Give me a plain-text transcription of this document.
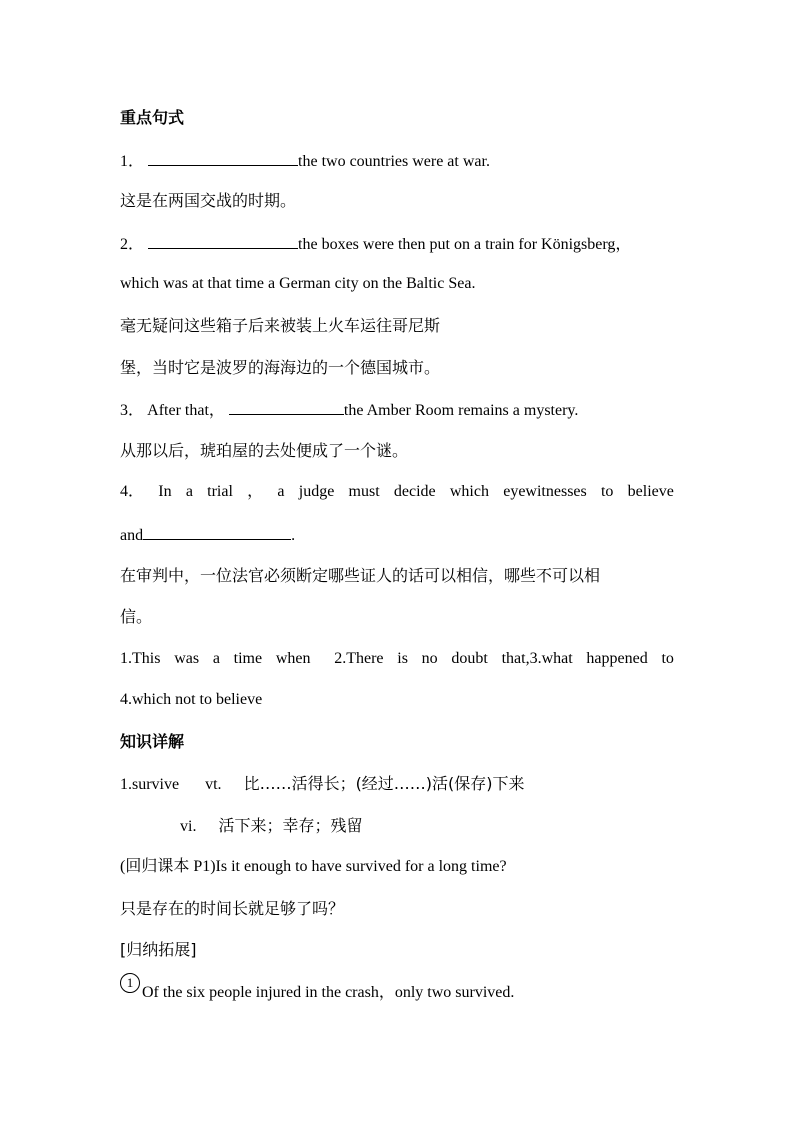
重点句式
1．	the two countries were at war.
这是在两国交战的时期。
2．	the boxes were then put on a train for Königsberg，
which was at that time a German city on the Baltic Sea.
毫无疑问这些箱子后来被装上火车运往哥尼斯
堡，当时它是波罗的海海边的一个德国城市。
3． After that，	the Amber Room remains a mystery.
从那以后，琥珀屋的去处便成了一个谜。
4． In a trial ， a judge must decide which eyewitnesses to believe
and	.
在审判中，一位法官必须断定哪些证人的话可以相信，哪些不可以相
信。
1.This was a time when 2.There is no doubt that,3.what happened to
4.which not to believe
知识详解
1.survive vt. 比……活得长；(经过……)活(保存)下来
vi. 活下来；幸存；残留
(回归课本 P1)Is it enough to have survived for a long time?
只是存在的时间长就足够了吗？
[归纳拓展]
1Of the six people injured in the crash，only two survived.
